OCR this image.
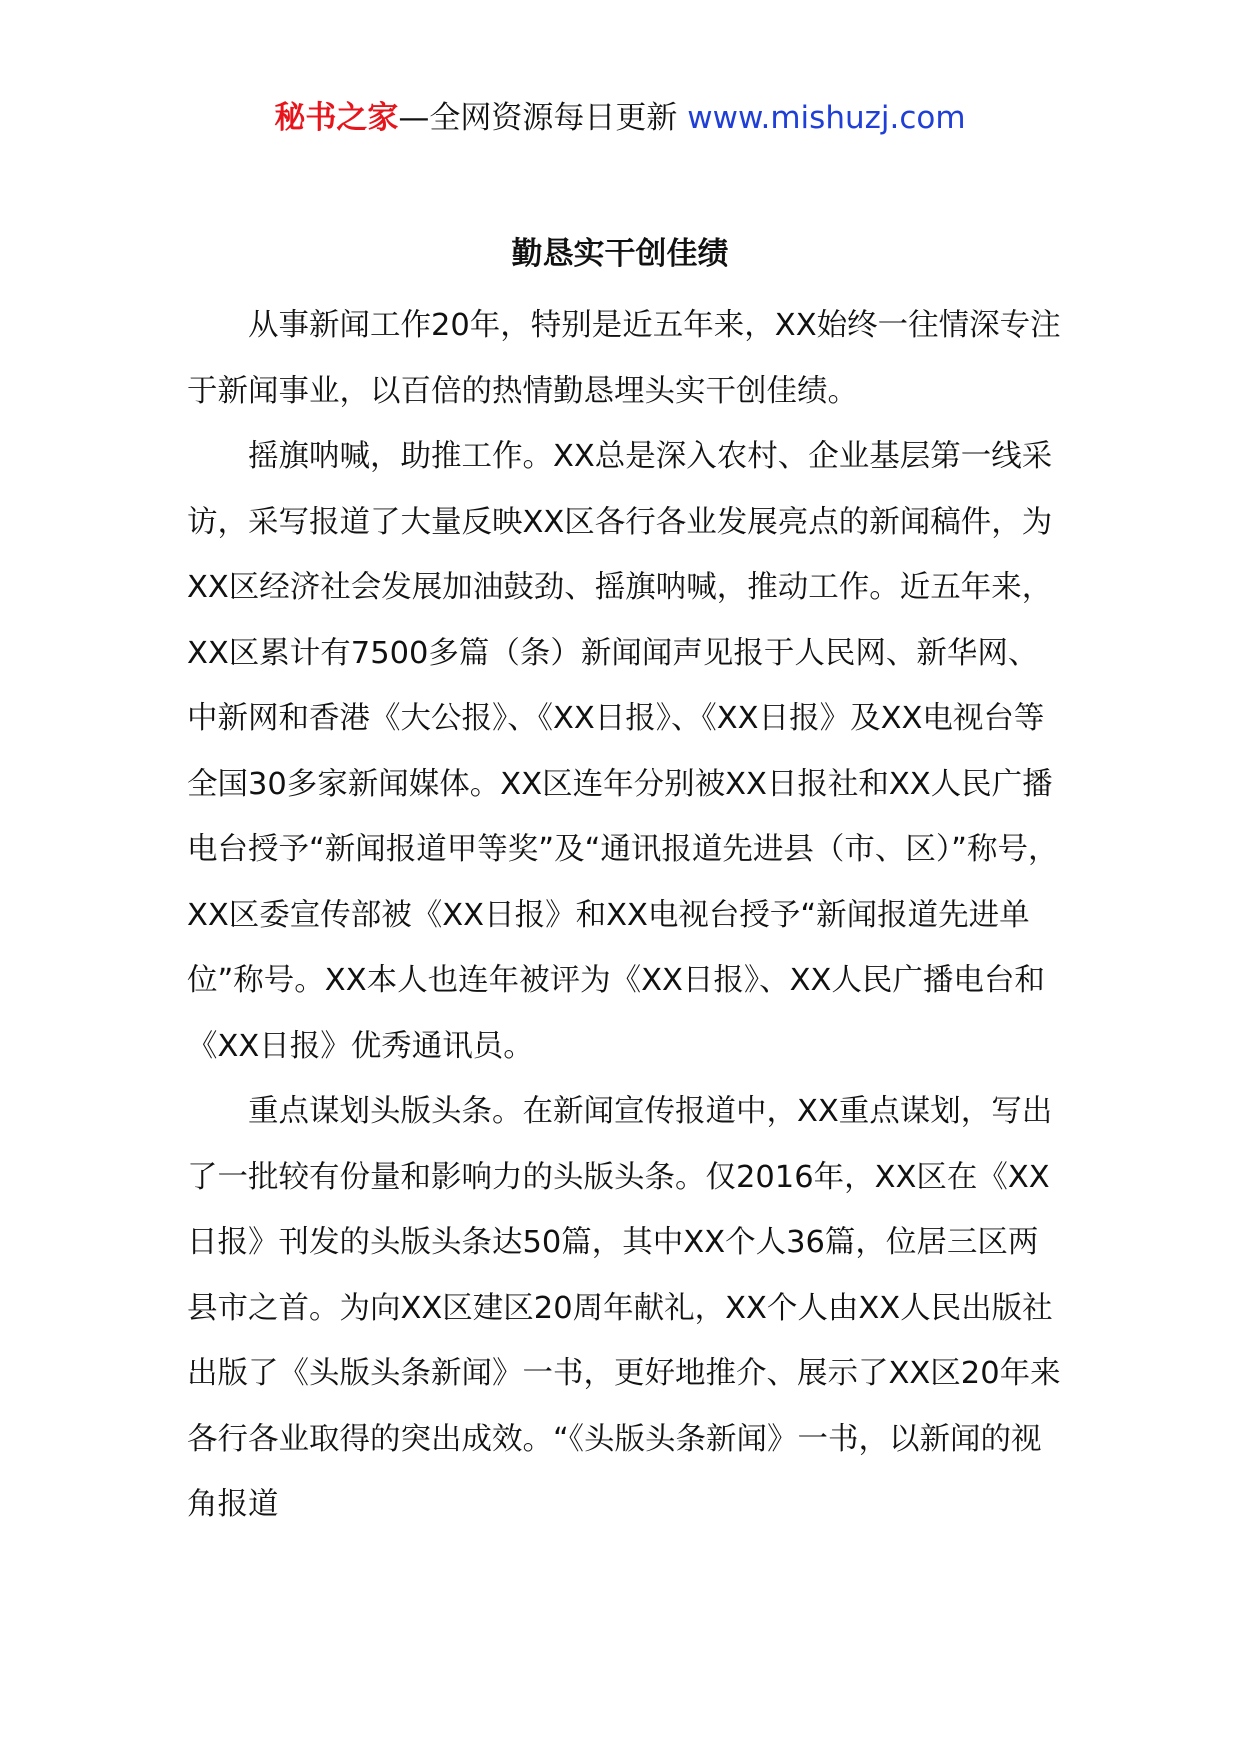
秘书之家—全网资源每日更新 www.mishuzj.com
勤恳实干创佳绩

从事新闻工作20年，特别是近五年来，XX始终一往情深专注于新闻事业，以百倍的热情勤恳埋头实干创佳绩。

摇旗呐喊，助推工作。XX总是深入农村、企业基层第一线采访，采写报道了大量反映XX区各行各业发展亮点的新闻稿件，为XX区经济社会发展加油鼓劲、摇旗呐喊，推动工作。近五年来，XX区累计有7500多篇（条）新闻闻声见报于人民网、新华网、中新网和香港《大公报》、《XX日报》、《XX日报》及XX电视台等全国30多家新闻媒体。XX区连年分别被XX日报社和XX人民广播电台授予“新闻报道甲等奖”及“通讯报道先进县（市、区）”称号，XX区委宣传部被《XX日报》和XX电视台授予“新闻报道先进单位”称号。XX本人也连年被评为《XX日报》、XX人民广播电台和《XX日报》优秀通讯员。

重点谋划头版头条。在新闻宣传报道中，XX重点谋划，写出了一批较有份量和影响力的头版头条。仅2016年，XX区在《XX日报》刊发的头版头条达50篇，其中XX个人36篇，位居三区两县市之首。为向XX区建区20周年献礼，XX个人由XX人民出版社出版了《头版头条新闻》一书，更好地推介、展示了XX区20年来各行各业取得的突出成效。“《头版头条新闻》一书，以新闻的视角报道
